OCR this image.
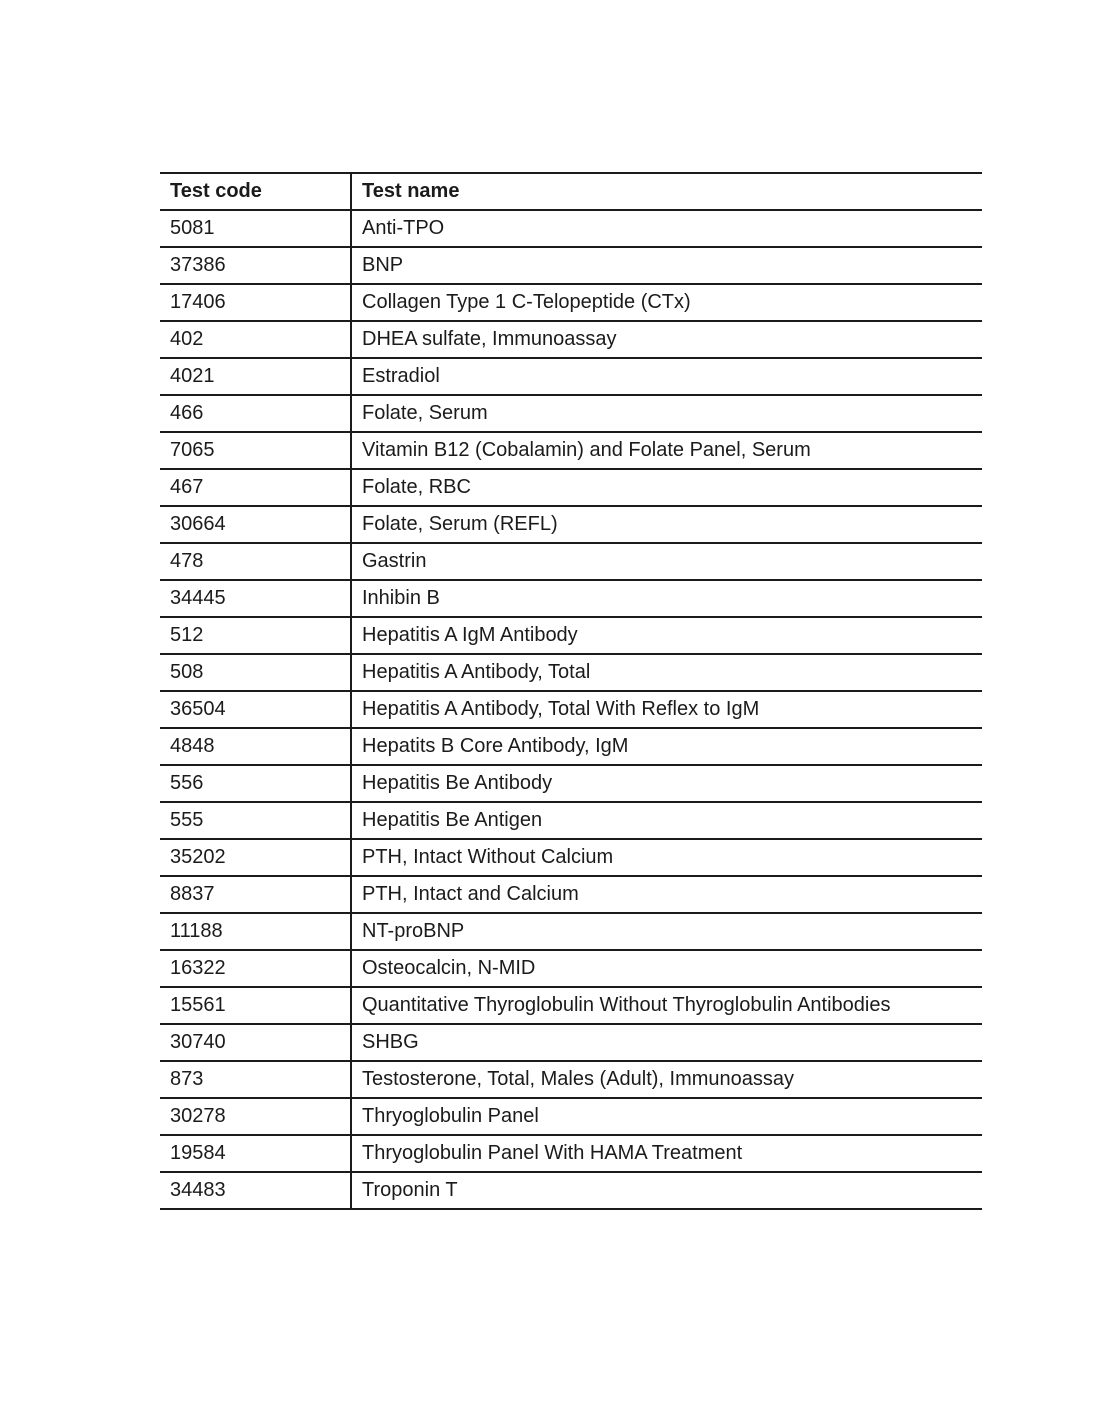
Test code	Test name
5081	Anti-TPO
37386	BNP
17406	Collagen Type 1 C-Telopeptide (CTx)
402	DHEA sulfate, Immunoassay
4021	Estradiol
466	Folate, Serum
7065	Vitamin B12 (Cobalamin) and Folate Panel, Serum
467	Folate, RBC
30664	Folate, Serum (REFL)
478	Gastrin
34445	Inhibin B
512	Hepatitis A IgM Antibody
508	Hepatitis A Antibody, Total
36504	Hepatitis A Antibody, Total With Reflex to IgM
4848	Hepatits B Core Antibody, IgM
556	Hepatitis Be Antibody
555	Hepatitis Be Antigen
35202	PTH, Intact Without Calcium
8837	PTH, Intact and Calcium
11188	NT-proBNP
16322	Osteocalcin, N-MID
15561	Quantitative Thyroglobulin Without Thyroglobulin Antibodies
30740	SHBG
873	Testosterone, Total, Males (Adult), Immunoassay
30278	Thryoglobulin Panel
19584	Thryoglobulin Panel With HAMA Treatment
34483	Troponin T
